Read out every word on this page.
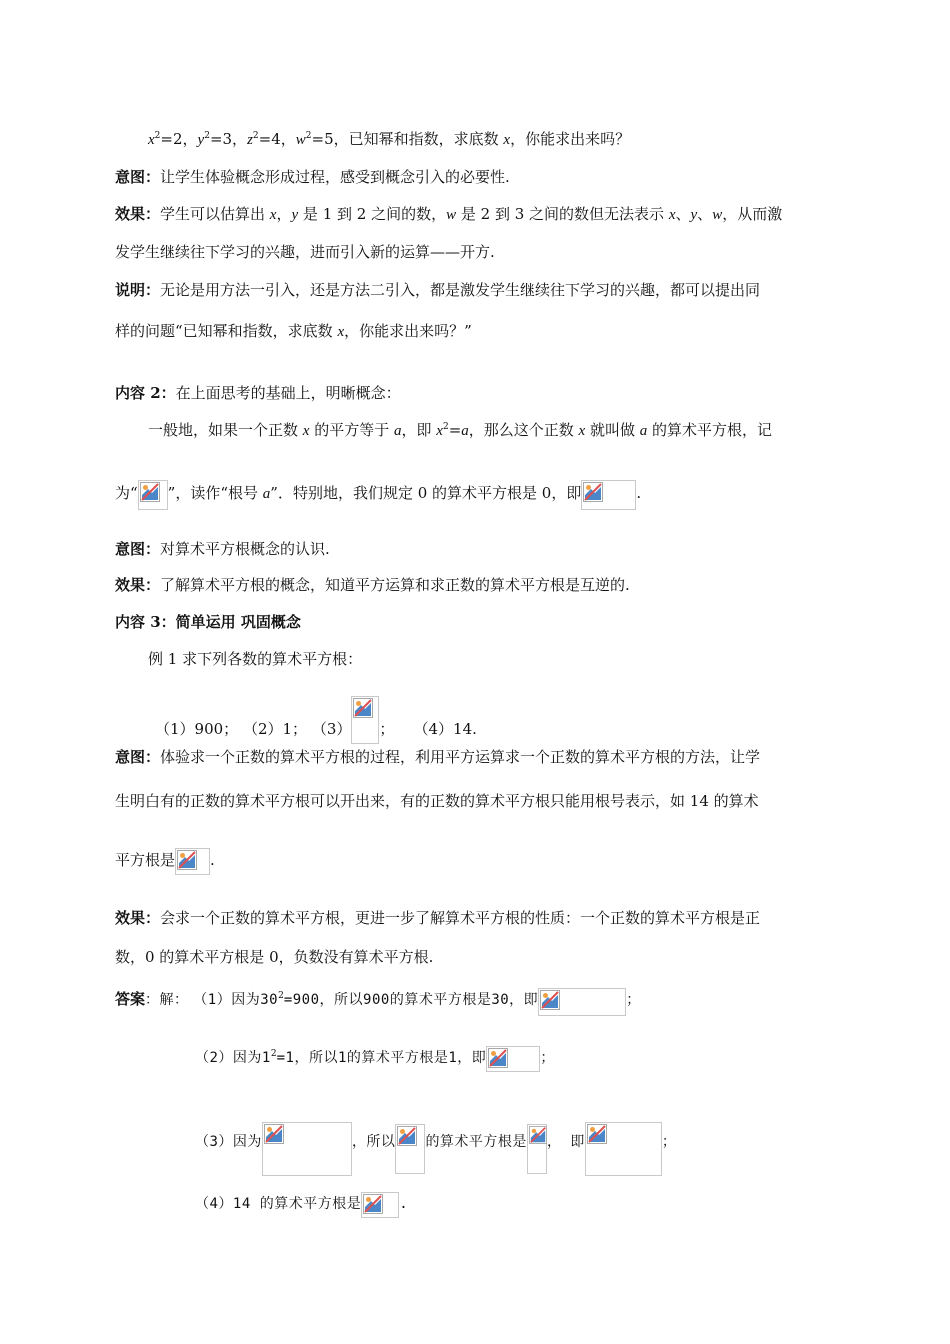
$x^2=2$，$y^2=3$，$z^2=4$，$w^2=5$，已知幂和指数，求底数 x，你能求出来吗？
意图：让学生体验概念形成过程，感受到概念引入的必要性.
效果：学生可以估算出 x，y 是 1 到 2 之间的数，w 是 2 到 3 之间的数但无法表示 x、y、w，从而激
发学生继续往下学习的兴趣，进而引入新的运算——开方.
说明：无论是用方法一引入，还是方法二引入，都是激发学生继续往下学习的兴趣，都可以提出同
样的问题“已知幂和指数，求底数 x，你能求出来吗？”
内容 2：在上面思考的基础上，明晰概念：
一般地，如果一个正数 x 的平方等于 a，即 $x^2=a$，那么这个正数 x 就叫做 a 的算术平方根，记
为“ ”，读作“根号 a”．特别地，我们规定 0 的算术平方根是 0，即	.
意图：对算术平方根概念的认识.
效果：了解算术平方根的概念，知道平方运算和求正数的算术平方根是互逆的.
内容 3：简单运用 巩固概念
例 1 求下列各数的算术平方根：
（1）900； （2）1； （3） ； （4）14.
意图：体验求一个正数的算术平方根的过程，利用平方运算求一个正数的算术平方根的方法，让学
生明白有的正数的算术平方根可以开出来，有的正数的算术平方根只能用根号表示，如 14 的算术
平方根是 .
效果：会求一个正数的算术平方根，更进一步了解算术平方根的性质：一个正数的算术平方根是正
数，0 的算术平方根是 0，负数没有算术平方根.
答案：解： （1）因为$30^2=900$，所以900的算术平方根是30，即	；
（2）因为$1^2=1$，所以1的算术平方根是1，即	；
（3）因为	，所以 的算术平方根是 ， 即	；
（4）14 的算术平方根是	.
